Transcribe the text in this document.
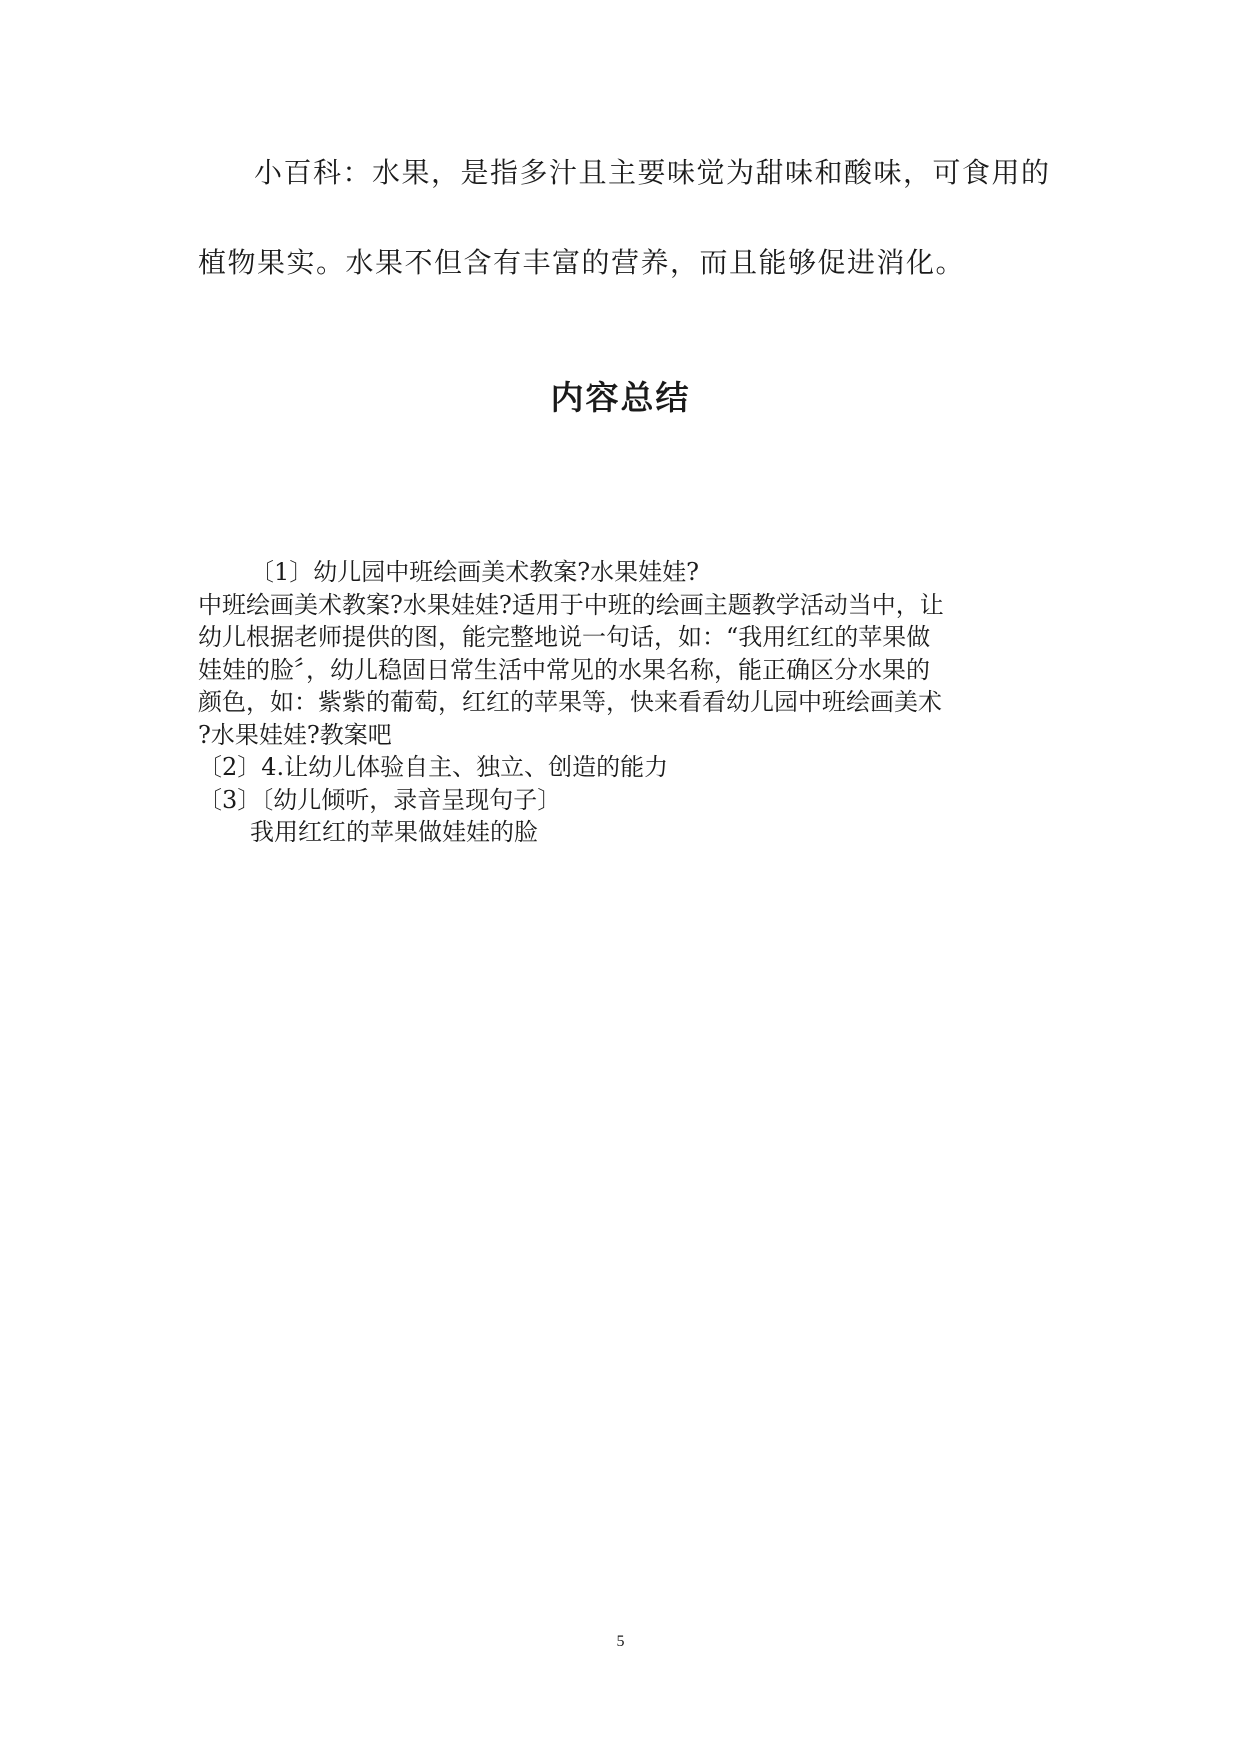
小百科：水果，是指多汁且主要味觉为甜味和酸味，可食用的

植物果实。水果不但含有丰富的营养，而且能够促进消化。

内容总结

〔1〕幼儿园中班绘画美术教案?水果娃娃?

中班绘画美术教案?水果娃娃?适用于中班的绘画主题教学活动当中，让

幼儿根据老师提供的图，能完整地说一句话，如：“我用红红的苹果做

娃娃的脸〞，幼儿稳固日常生活中常见的水果名称，能正确区分水果的

颜色，如：紫紫的葡萄，红红的苹果等，快来看看幼儿园中班绘画美术

?水果娃娃?教案吧

〔2〕4.让幼儿体验自主、独立、创造的能力

〔3〕〔幼儿倾听，录音呈现句子〕

我用红红的苹果做娃娃的脸

5
